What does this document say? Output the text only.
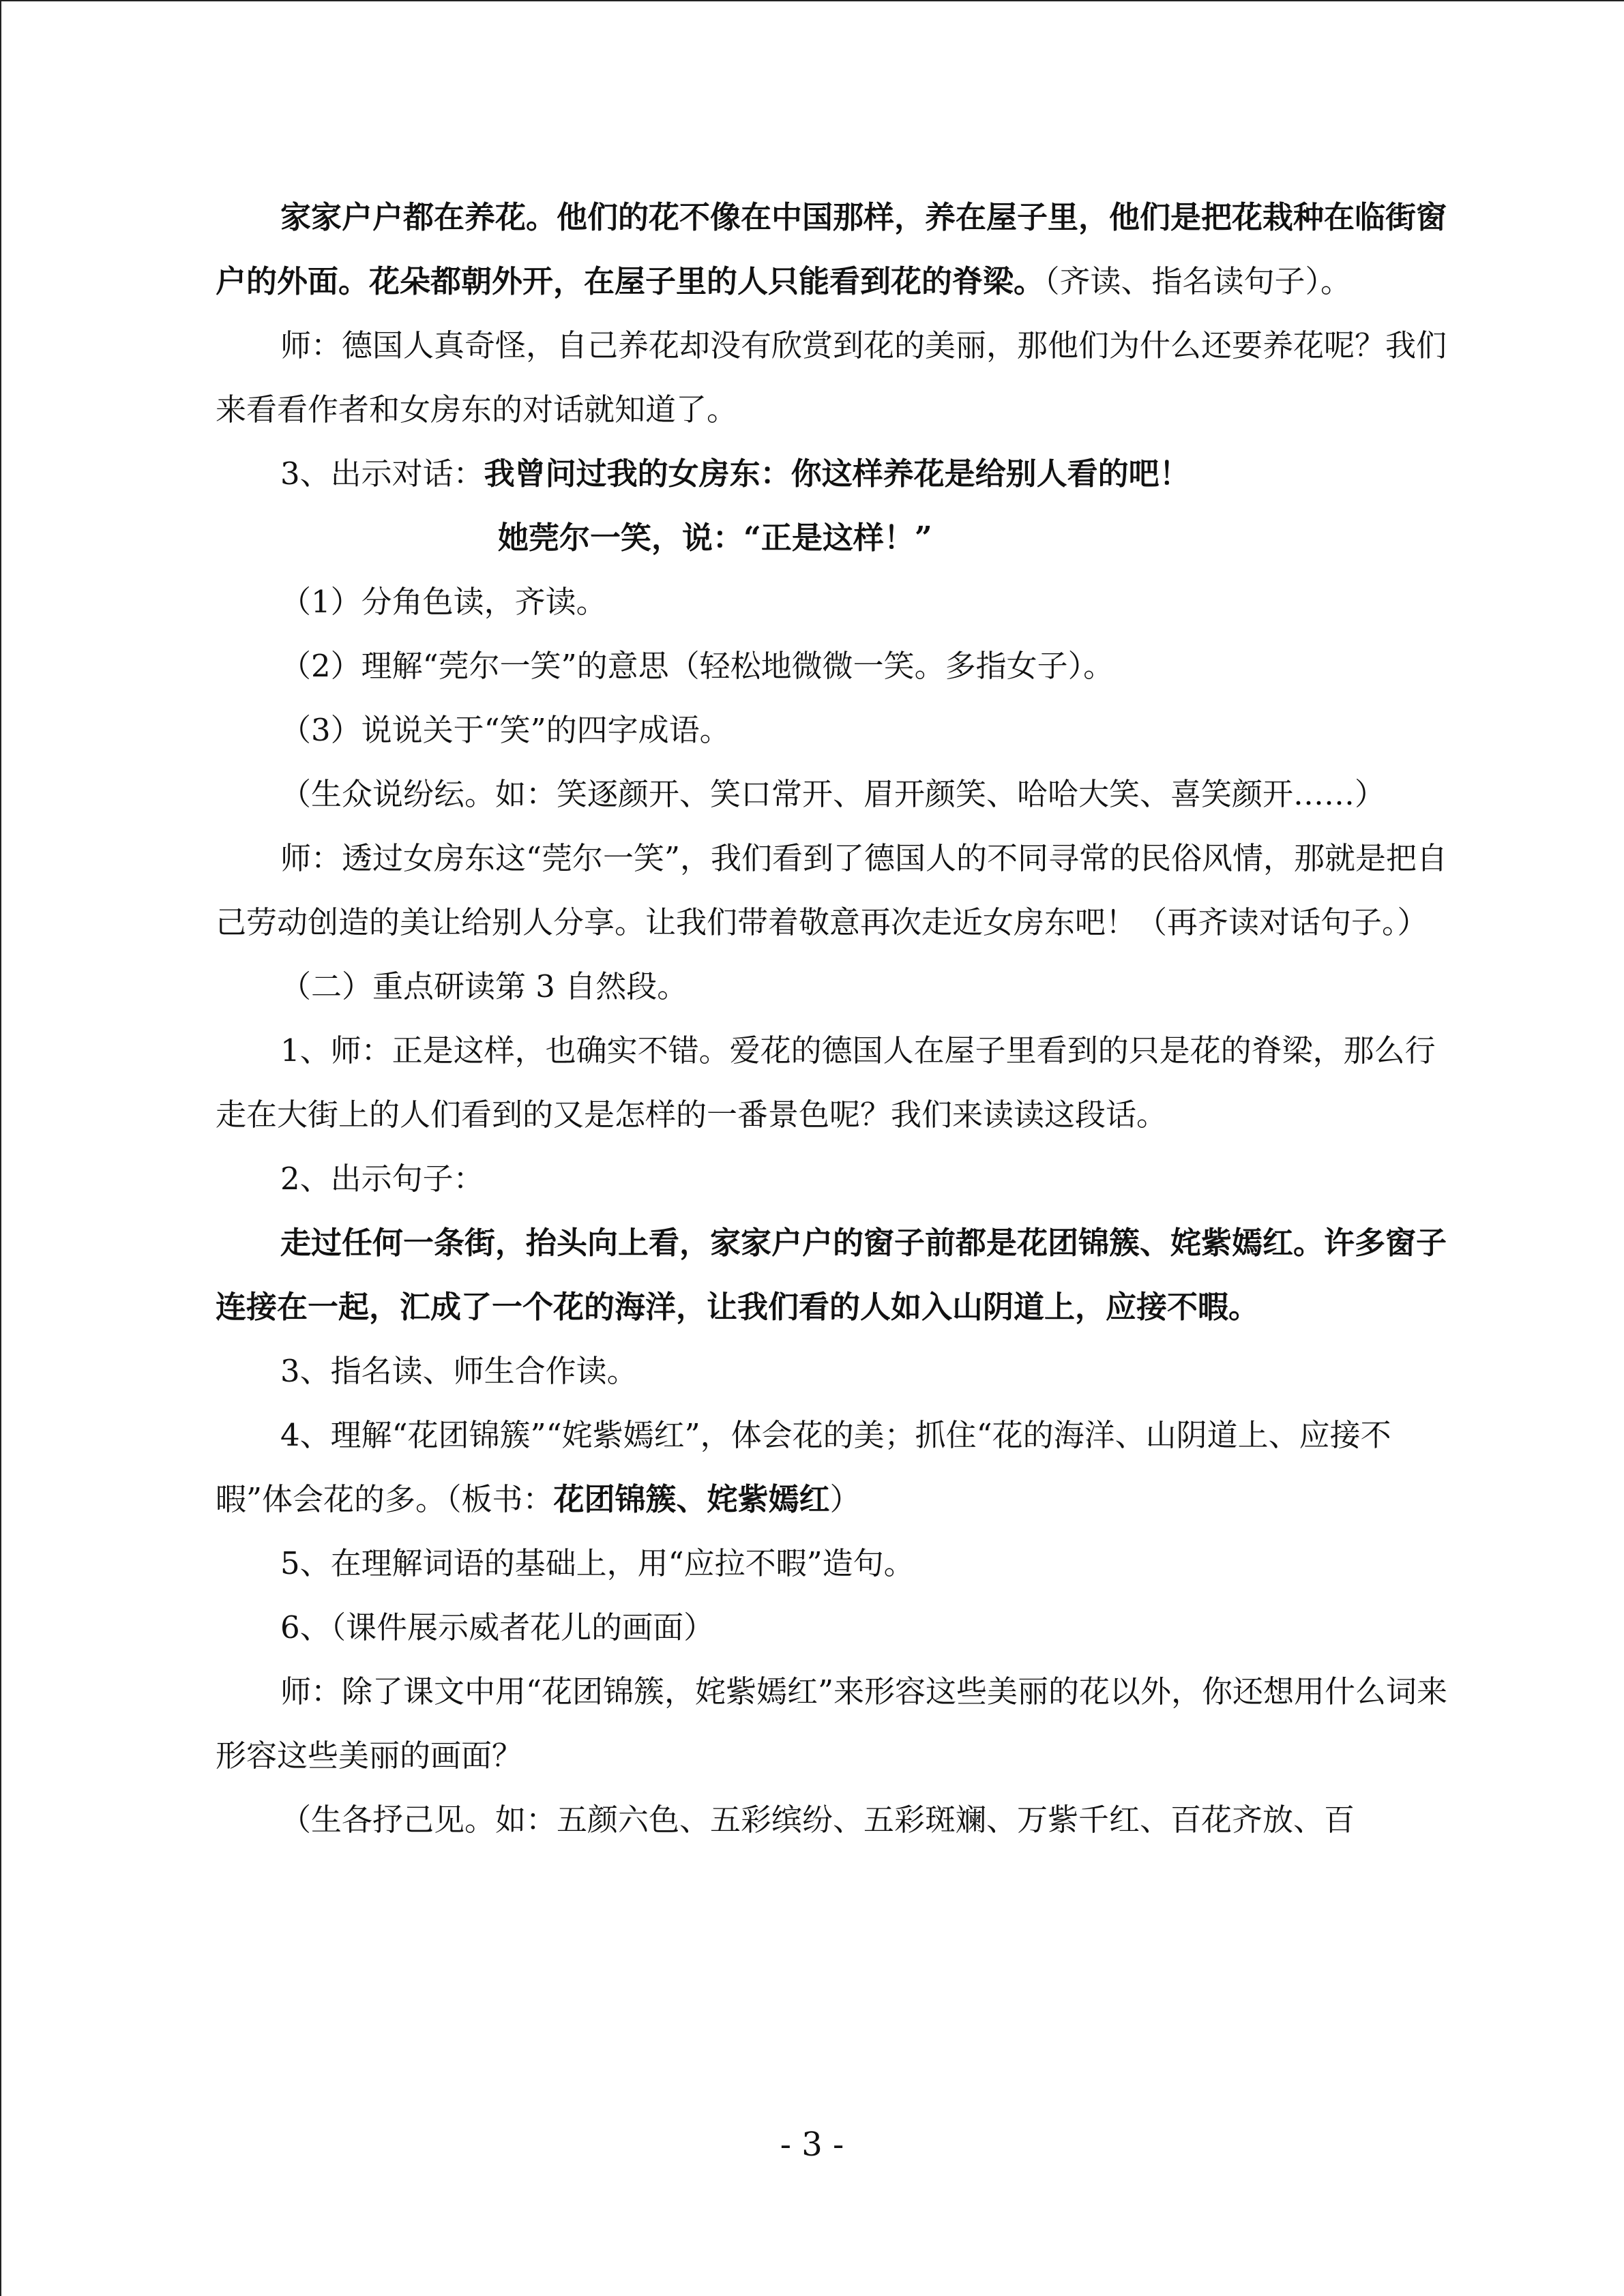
家家户户都在养花。他们的花不像在中国那样，养在屋子里，他们是把花栽种在临街窗户的外面。花朵都朝外开，在屋子里的人只能看到花的脊梁。（齐读、指名读句子）。

师：德国人真奇怪，自己养花却没有欣赏到花的美丽，那他们为什么还要养花呢？我们来看看作者和女房东的对话就知道了。

3、出示对话：我曾问过我的女房东：你这样养花是给别人看的吧！

她莞尔一笑，说：“正是这样！”

（1）分角色读，齐读。

（2）理解“莞尔一笑”的意思（轻松地微微一笑。多指女子）。

（3）说说关于“笑”的四字成语。

（生众说纷纭。如：笑逐颜开、笑口常开、眉开颜笑、哈哈大笑、喜笑颜开……）

师：透过女房东这“莞尔一笑”，我们看到了德国人的不同寻常的民俗风情，那就是把自己劳动创造的美让给别人分享。让我们带着敬意再次走近女房东吧！（再齐读对话句子。）

（二）重点研读第 3 自然段。

1、师：正是这样，也确实不错。爱花的德国人在屋子里看到的只是花的脊梁，那么行走在大街上的人们看到的又是怎样的一番景色呢？我们来读读这段话。

2、出示句子：

走过任何一条街，抬头向上看，家家户户的窗子前都是花团锦簇、姹紫嫣红。许多窗子连接在一起，汇成了一个花的海洋，让我们看的人如入山阴道上，应接不暇。

3、指名读、师生合作读。

4、理解“花团锦簇”“姹紫嫣红”，体会花的美；抓住“花的海洋、山阴道上、应接不暇”体会花的多。（板书：花团锦簇、姹紫嫣红）

5、在理解词语的基础上，用“应拉不暇”造句。

6、（课件展示威者花儿的画面）

师：除了课文中用“花团锦簇，姹紫嫣红”来形容这些美丽的花以外，你还想用什么词来形容这些美丽的画面？

（生各抒己见。如：五颜六色、五彩缤纷、五彩斑斓、万紫千红、百花齐放、百

- 3 -
